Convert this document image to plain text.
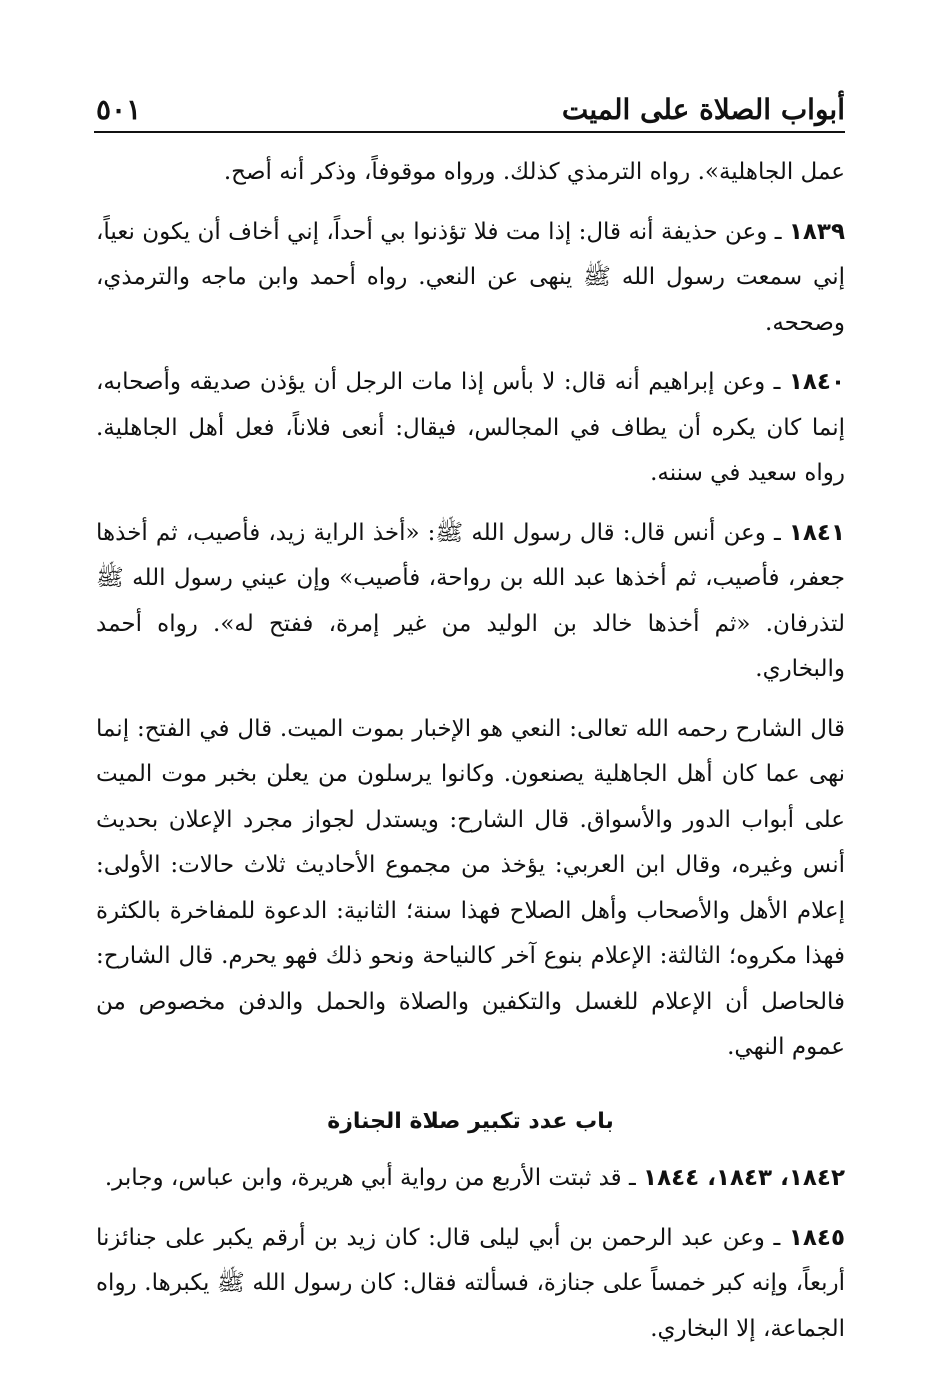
أبواب الصلاة على الميت
٥٠١

عمل الجاهلية». رواه الترمذي كذلك. ورواه موقوفاً، وذكر أنه أصح.

١٨٣٩ ـ وعن حذيفة أنه قال: إذا مت فلا تؤذنوا بي أحداً، إني أخاف أن يكون نعياً، إني سمعت رسول الله ﷺ ينهى عن النعي. رواه أحمد وابن ماجه والترمذي، وصححه.

١٨٤٠ ـ وعن إبراهيم أنه قال: لا بأس إذا مات الرجل أن يؤذن صديقه وأصحابه، إنما كان يكره أن يطاف في المجالس، فيقال: أنعى فلاناً، فعل أهل الجاهلية. رواه سعيد في سننه.

١٨٤١ ـ وعن أنس قال: قال رسول الله ﷺ: «أخذ الراية زيد، فأصيب، ثم أخذها جعفر، فأصيب، ثم أخذها عبد الله بن رواحة، فأصيب» وإن عيني رسول الله ﷺ لتذرفان. «ثم أخذها خالد بن الوليد من غير إمرة، ففتح له». رواه أحمد والبخاري.

قال الشارح رحمه الله تعالى: النعي هو الإخبار بموت الميت. قال في الفتح: إنما نهى عما كان أهل الجاهلية يصنعون. وكانوا يرسلون من يعلن بخبر موت الميت على أبواب الدور والأسواق. قال الشارح: ويستدل لجواز مجرد الإعلان بحديث أنس وغيره، وقال ابن العربي: يؤخذ من مجموع الأحاديث ثلاث حالات: الأولى: إعلام الأهل والأصحاب وأهل الصلاح فهذا سنة؛ الثانية: الدعوة للمفاخرة بالكثرة فهذا مكروه؛ الثالثة: الإعلام بنوع آخر كالنياحة ونحو ذلك فهو يحرم. قال الشارح: فالحاصل أن الإعلام للغسل والتكفين والصلاة والحمل والدفن مخصوص من عموم النهي.

باب عدد تكبير صلاة الجنازة

١٨٤٢، ١٨٤٣، ١٨٤٤ ـ قد ثبتت الأربع من رواية أبي هريرة، وابن عباس، وجابر.

١٨٤٥ ـ وعن عبد الرحمن بن أبي ليلى قال: كان زيد بن أرقم يكبر على جنائزنا أربعاً، وإنه كبر خمساً على جنازة، فسألته فقال: كان رسول الله ﷺ يكبرها. رواه الجماعة، إلا البخاري.
